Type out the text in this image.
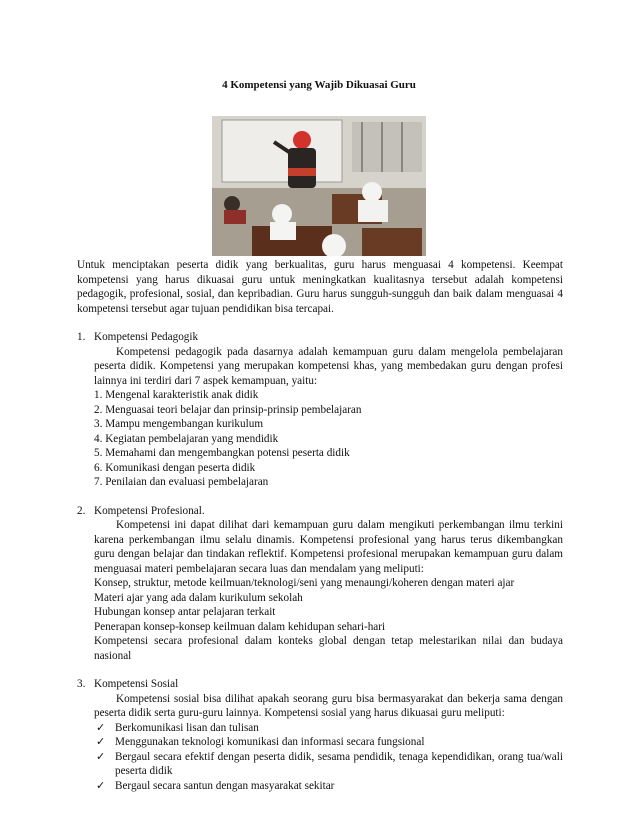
4 Kompetensi yang Wajib Dikuasai Guru

Untuk menciptakan peserta didik yang berkualitas, guru harus menguasai 4 kompetensi. Keempat kompetensi yang harus dikuasai guru untuk meningkatkan kualitasnya tersebut adalah kompetensi pedagogik, profesional, sosial, dan kepribadian. Guru harus sungguh-sungguh dan baik dalam menguasai 4 kompetensi tersebut agar tujuan pendidikan bisa tercapai.

1. Kompetensi Pedagogik

Kompetensi pedagogik pada dasarnya adalah kemampuan guru dalam mengelola pembelajaran peserta didik. Kompetensi yang merupakan kompetensi khas, yang membedakan guru dengan profesi lainnya ini terdiri dari 7 aspek kemampuan, yaitu:

1. Mengenal karakteristik anak didik
2. Menguasai teori belajar dan prinsip-prinsip pembelajaran
3. Mampu mengembangan kurikulum
4. Kegiatan pembelajaran yang mendidik
5. Memahami dan mengembangkan potensi peserta didik
6. Komunikasi dengan peserta didik
7. Penilaian dan evaluasi pembelajaran
2. Kompetensi Profesional.

Kompetensi ini dapat dilihat dari kemampuan guru dalam mengikuti perkembangan ilmu terkini karena perkembangan ilmu selalu dinamis. Kompetensi profesional yang harus terus dikembangkan guru dengan belajar dan tindakan reflektif. Kompetensi profesional merupakan kemampuan guru dalam menguasai materi pembelajaran secara luas dan mendalam yang meliputi:

Konsep, struktur, metode keilmuan/teknologi/seni yang menaungi/koheren dengan materi ajar
Materi ajar yang ada dalam kurikulum sekolah
Hubungan konsep antar pelajaran terkait
Penerapan konsep-konsep keilmuan dalam kehidupan sehari-hari
Kompetensi secara profesional dalam konteks global dengan tetap melestarikan nilai dan budaya nasional
3. Kompetensi Sosial

Kompetensi sosial bisa dilihat apakah seorang guru bisa bermasyarakat dan bekerja sama dengan peserta didik serta guru-guru lainnya. Kompetensi sosial yang harus dikuasai guru meliputi:

✓ Berkomunikasi lisan dan tulisan
✓ Menggunakan teknologi komunikasi dan informasi secara fungsional
✓ Bergaul secara efektif dengan peserta didik, sesama pendidik, tenaga kependidikan, orang tua/wali peserta didik
✓ Bergaul secara santun dengan masyarakat sekitar
